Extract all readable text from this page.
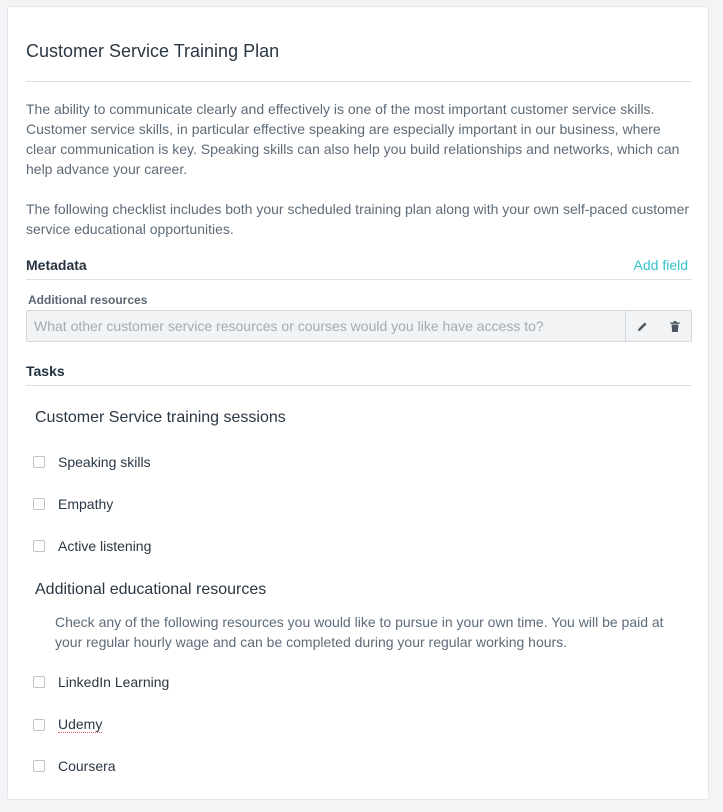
Customer Service Training Plan
The ability to communicate clearly and effectively is one of the most important customer service skills. Customer service skills, in particular effective speaking are especially important in our business, where clear communication is key. Speaking skills can also help you build relationships and networks, which can help advance your career.
The following checklist includes both your scheduled training plan along with your own self-paced customer service educational opportunities.
Metadata	Add field
Additional resources
What other customer service resources or courses would you like have access to?
Tasks
Customer Service training sessions
Speaking skills
Empathy
Active listening
Additional educational resources
Check any of the following resources you would like to pursue in your own time. You will be paid at your regular hourly wage and can be completed during your regular working hours.
LinkedIn Learning
Udemy
Coursera
